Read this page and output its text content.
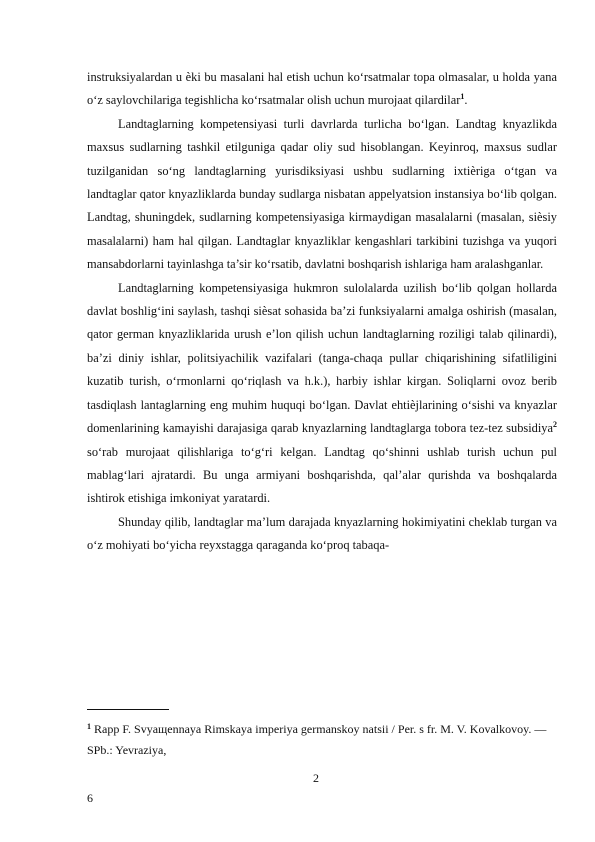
instruksiyalardan u ѐki bu masalani hal etish uchun ko‘rsatmalar topa olmasalar, u holda yana o‘z saylovchilariga tegishlicha ko‘rsatmalar olish uchun murojaat qilardilar$^1$.

Landtaglarning kompetensiyasi turli davrlarda turlicha bo‘lgan. Landtag knyazlikda maxsus sudlarning tashkil etilguniga qadar oliy sud hisoblangan. Keyinroq, maxsus sudlar tuzilganidan so‘ng landtaglarning yurisdiksiyasi ushbu sudlarning ixtiѐriga o‘tgan va landtaglar qator knyazliklarda bunday sudlarga nisbatan appelyatsion instansiya bo‘lib qolgan. Landtag, shuningdek, sudlarning kompetensiyasiga kirmaydigan masalalarni (masalan, siѐsiy masalalarni) ham hal qilgan. Landtaglar knyazliklar kengashlari tarkibini tuzishga va yuqori mansabdorlarni tayinlashga ta’sir ko‘rsatib, davlatni boshqarish ishlariga ham aralashganlar.

Landtaglarning kompetensiyasiga hukmron sulolalarda uzilish bo‘lib qolgan hollarda davlat boshlig‘ini saylash, tashqi siѐsat sohasida ba’zi funksiyalarni amalga oshirish (masalan, qator german knyazliklarida urush e’lon qilish uchun landtaglarning roziligi talab qilinardi), ba’zi diniy ishlar, politsiyachilik vazifalari (tanga-chaqa pullar chiqarishining sifatliligini kuzatib turish, o‘rmonlarni qo‘riqlash va h.k.), harbiy ishlar kirgan. Soliqlarni ovoz berib tasdiqlash lantaglarning eng muhim huquqi bo‘lgan. Davlat ehtiѐjlarining o‘sishi va knyazlar domenlarining kamayishi darajasiga qarab knyazlarning landtaglarga tobora tez-tez subsidiya$^2$ so‘rab murojaat qilishlariga to‘g‘ri kelgan. Landtag qo‘shinni ushlab turish uchun pul mablag‘lari ajratardi. Bu unga armiyani boshqarishda, qal’alar qurishda va boshqalarda ishtirok etishiga imkoniyat yaratardi.

Shunday qilib, landtaglar ma’lum darajada knyazlarning hokimiyatini cheklab turgan va o‘z mohiyati bo‘yicha reyxstagga qaraganda ko‘proq tabaqa-

$^1$ Rapp F. Svyaщennaya Rimskaya imperiya germanskoy natsii / Per. s fr. M. V. Kovalkovoy. — SPb.: Yevraziya,

2
6
